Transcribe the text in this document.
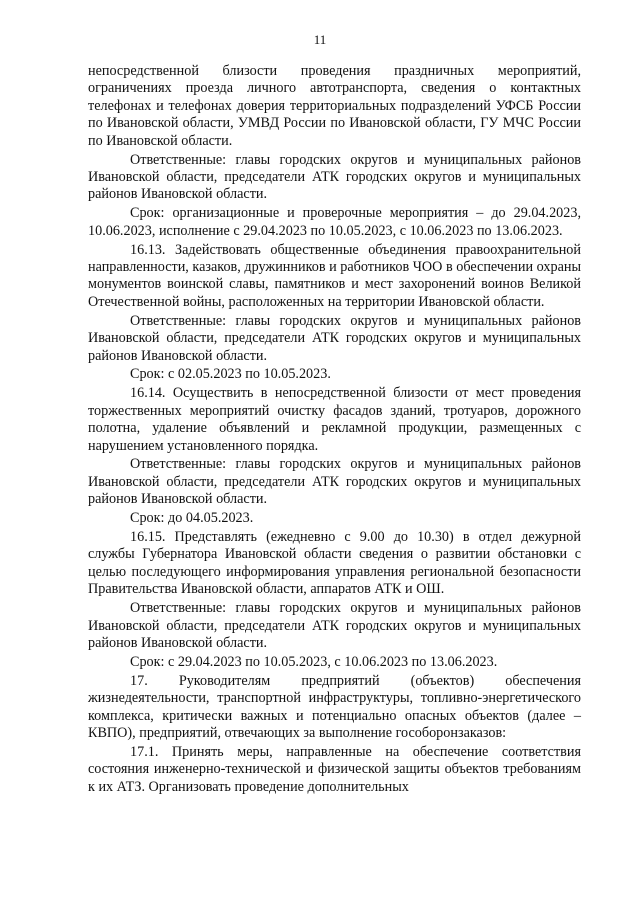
11

непосредственной близости проведения праздничных мероприятий, ограничениях проезда личного автотранспорта, сведения о контактных телефонах и телефонах доверия территориальных подразделений УФСБ России по Ивановской области, УМВД России по Ивановской области, ГУ МЧС России по Ивановской области.

Ответственные: главы городских округов и муниципальных районов Ивановской области, председатели АТК городских округов и муниципальных районов Ивановской области.

Срок: организационные и проверочные мероприятия – до 29.04.2023, 10.06.2023, исполнение с 29.04.2023 по 10.05.2023, с 10.06.2023 по 13.06.2023.

16.13. Задействовать общественные объединения правоохранительной направленности, казаков, дружинников и работников ЧОО в обеспечении охраны монументов воинской славы, памятников и мест захоронений воинов Великой Отечественной войны, расположенных на территории Ивановской области.

Ответственные: главы городских округов и муниципальных районов Ивановской области, председатели АТК городских округов и муниципальных районов Ивановской области.

Срок: с 02.05.2023 по 10.05.2023.

16.14. Осуществить в непосредственной близости от мест проведения торжественных мероприятий очистку фасадов зданий, тротуаров, дорожного полотна, удаление объявлений и рекламной продукции, размещенных с нарушением установленного порядка.

Ответственные: главы городских округов и муниципальных районов Ивановской области, председатели АТК городских округов и муниципальных районов Ивановской области.

Срок: до 04.05.2023.

16.15. Представлять (ежедневно с 9.00 до 10.30) в отдел дежурной службы Губернатора Ивановской области сведения о развитии обстановки с целью последующего информирования управления региональной безопасности Правительства Ивановской области, аппаратов АТК и ОШ.

Ответственные: главы городских округов и муниципальных районов Ивановской области, председатели АТК городских округов и муниципальных районов Ивановской области.

Срок: с 29.04.2023 по 10.05.2023, с 10.06.2023 по 13.06.2023.

17. Руководителям предприятий (объектов) обеспечения жизнедеятельности, транспортной инфраструктуры, топливно-энергетического комплекса, критически важных и потенциально опасных объектов (далее – КВПО), предприятий, отвечающих за выполнение гособоронзаказов:

17.1. Принять меры, направленные на обеспечение соответствия состояния инженерно-технической и физической защиты объектов требованиям к их АТЗ. Организовать проведение дополнительных
